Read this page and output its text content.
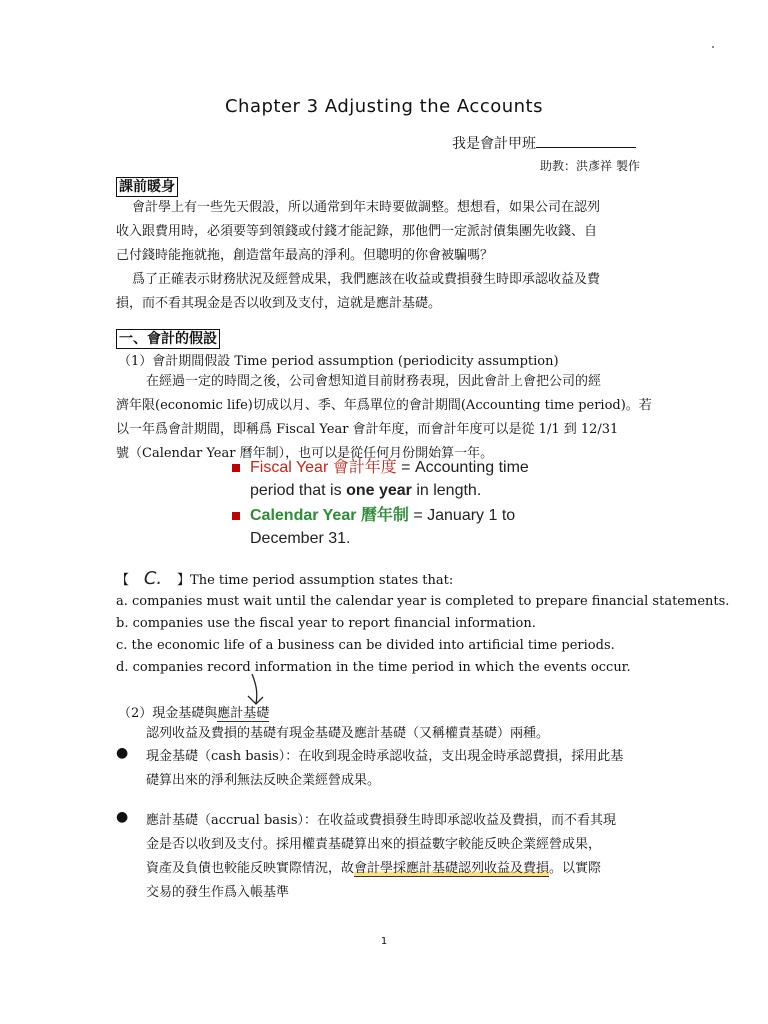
Chapter 3 Adjusting the Accounts
我是會計甲班
助教：洪彥祥 製作
課前暖身
會計學上有一些先天假設，所以通常到年末時要做調整。想想看，如果公司在認列
收入跟費用時，必須要等到領錢或付錢才能記錄，那他們一定派討債集團先收錢、自
己付錢時能拖就拖，創造當年最高的淨利。但聰明的你會被騙嗎？
爲了正確表示財務狀況及經營成果，我們應該在收益或費損發生時即承認收益及費
損，而不看其現金是否以收到及支付，這就是應計基礎。
一、會計的假設
（1）會計期間假設 Time period assumption (periodicity assumption)
在經過一定的時間之後，公司會想知道目前財務表現，因此會計上會把公司的經
濟年限(economic life)切成以月、季、年爲單位的會計期間(Accounting time period)。若
以一年爲會計期間，即稱爲 Fiscal Year 會計年度，而會計年度可以是從 1/1 到 12/31
號（Calendar Year 曆年制），也可以是從任何月份開始算一年。
Fiscal Year 會計年度 = Accounting time
period that is one year in length.
Calendar Year 曆年制 = January 1 to
December 31.
【 C. 】The time period assumption states that:
a. companies must wait until the calendar year is completed to prepare financial statements.
b. companies use the fiscal year to report financial information.
c. the economic life of a business can be divided into artificial time periods.
d. companies record information in the time period in which the events occur.
（2）現金基礎與應計基礎
認列收益及費損的基礎有現金基礎及應計基礎（又稱權責基礎）兩種。
● 現金基礎（cash basis）：在收到現金時承認收益，支出現金時承認費損，採用此基
礎算出來的淨利無法反映企業經營成果。
● 應計基礎（accrual basis）：在收益或費損發生時即承認收益及費損，而不看其現
金是否以收到及支付。採用權責基礎算出來的損益數字較能反映企業經營成果，
資產及負債也較能反映實際情況，故會計學採應計基礎認列收益及費損。以實際
交易的發生作爲入帳基準
1
